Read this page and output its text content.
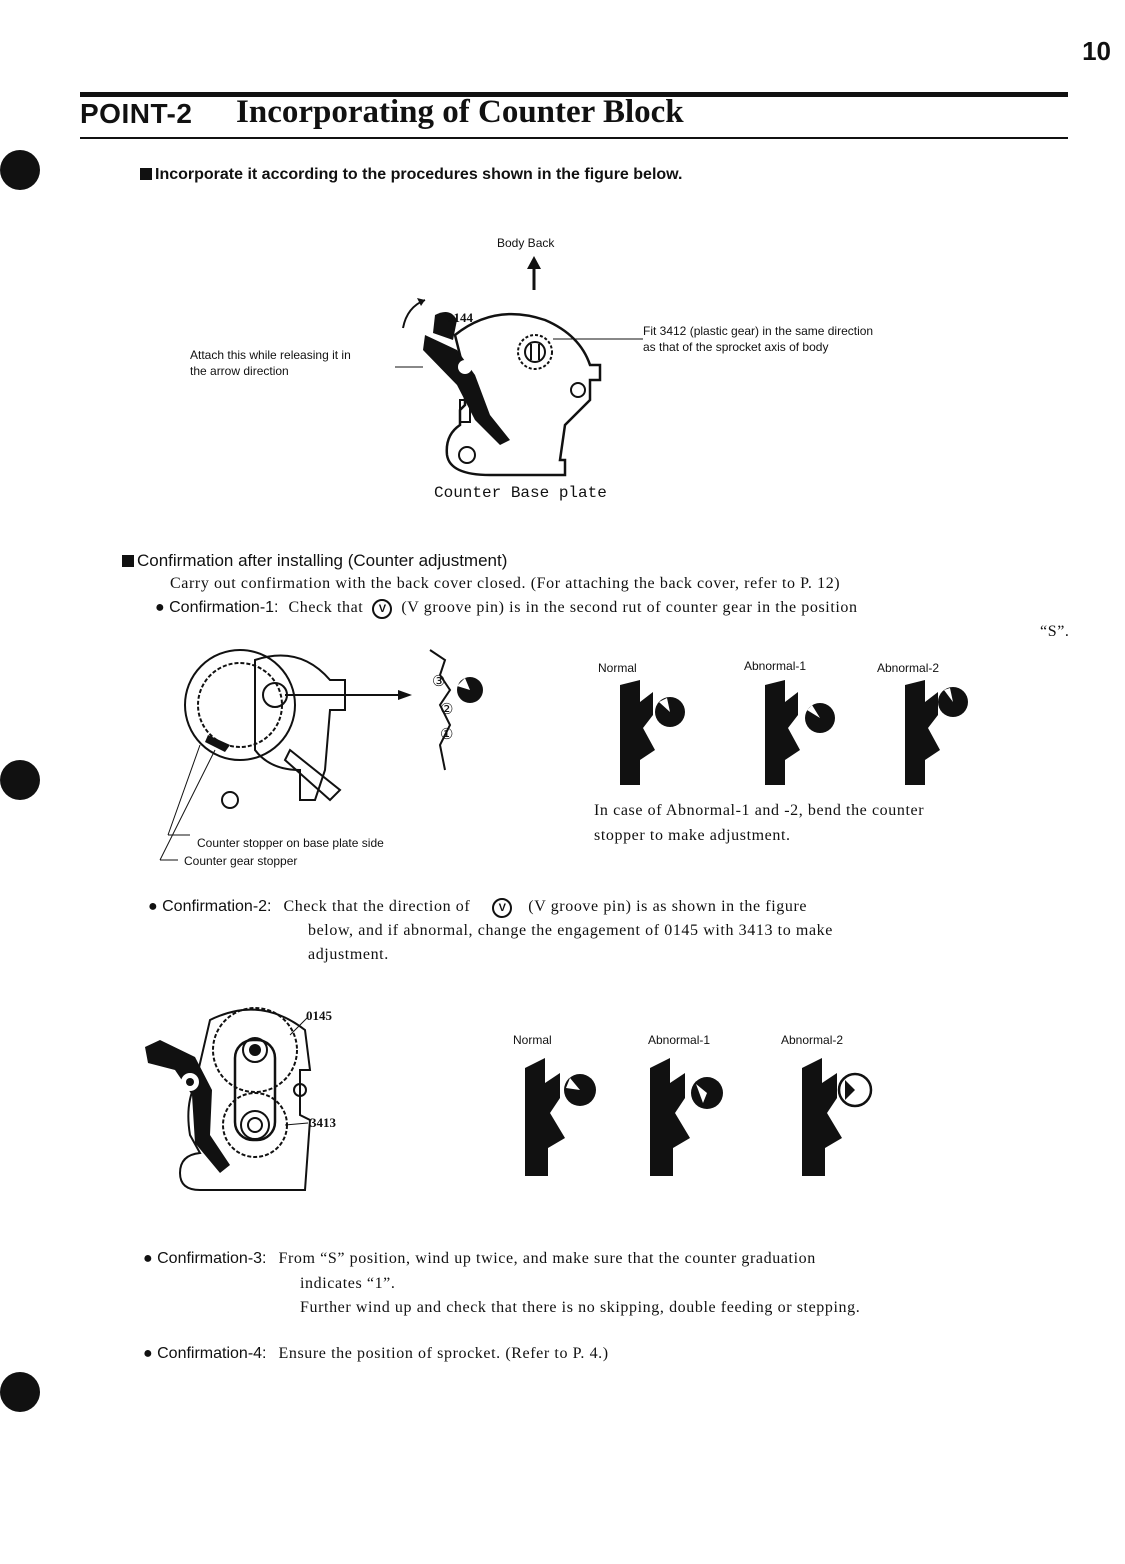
10
POINT-2 Incorporating of Counter Block
Incorporate it according to the procedures shown in the figure below.
Body Back
0144
Attach this while releasing it in
the arrow direction
Fit 3412 (plastic gear) in the same direction
as that of the sprocket axis of body
Counter Base plate
Confirmation after installing (Counter adjustment)
Carry out confirmation with the back cover closed. (For attaching the back cover, refer to P. 12)
● Confirmation-1: Check that V (V groove pin) is in the second rut of counter gear in the position
“S”.
③
②
①
Counter stopper on base plate side
Counter gear stopper
Normal	Abnormal-1	Abnormal-2
In case of Abnormal-1 and -2, bend the counter
stopper to make adjustment.
● Confirmation-2: Check that the direction of	V (V groove pin) is as shown in the figure
below, and if abnormal, change the engagement of 0145 with 3413 to make
adjustment.
0145
3413
Normal	Abnormal-1	Abnormal-2
● Confirmation-3: From “S” position, wind up twice, and make sure that the counter graduation
indicates “1”.
Further wind up and check that there is no skipping, double feeding or stepping.
● Confirmation-4: Ensure the position of sprocket. (Refer to P. 4.)
